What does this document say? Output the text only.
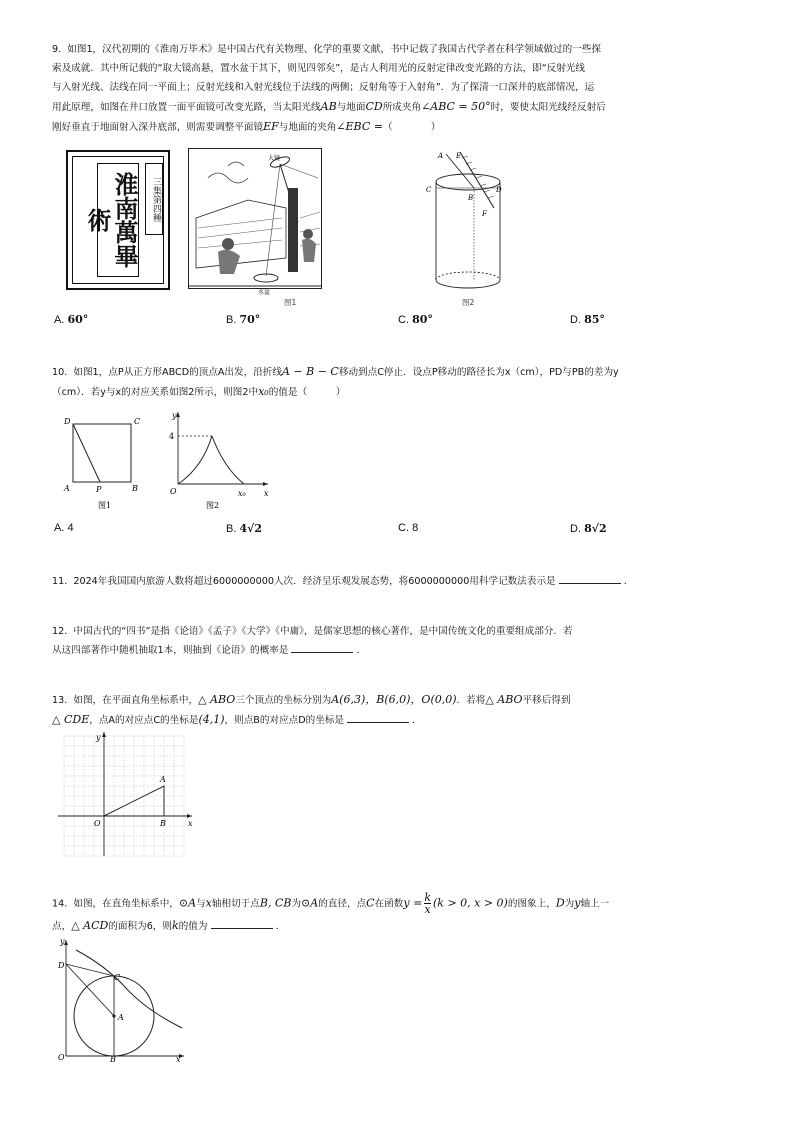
9. 如图1，汉代初期的《淮南万毕术》是中国古代有关物理、化学的重要文献，书中记载了我国古代学者在科学领域做过的一些探

索及成就．其中所记载的“取大镜高悬，置水盆于其下，则见四邻矣”，是古人利用光的反射定律改变光路的方法，即“反射光线

与入射光线、法线在同一平面上；反射光线和入射光线位于法线的两侧；反射角等于入射角”．为了探清一口深井的底部情况，运

用此原理，如图在井口放置一面平面镜可改变光路，当太阳光线AB与地面CD所成夹角∠ABC = 50°时，要使太阳光线经反射后

刚好垂直于地面射入深井底部，则需要调整平面镜EF与地面的夹角∠EBC =（　　　　）

淮南萬畢術	三集第四種
大镜
水盆
图1
A E
C
B
D
F
图2
A. 60°	B. 70°	C. 80°	D. 85°

10. 如图1，点P从正方形ABCD的顶点A出发，沿折线A − B − C移动到点C停止．设点P移动的路径长为x（cm），PD与PB的差为y

（cm）．若y与x的对应关系如图2所示，则图2中x₀的值是（　　　）

D	C
A	P	B
图1
y
4
O	x₀ x
图2
A. 4	B. 4√2	C. 8	D. 8√2

11. 2024年我国国内旅游人数将超过6000000000人次．经济呈乐观发展态势，将6000000000用科学记数法表示是	．

12. 中国古代的“四书”是指《论语》《孟子》《大学》《中庸》，是儒家思想的核心著作，是中国传统文化的重要组成部分．若

从这四部著作中随机抽取1本，则抽到《论语》的概率是	．

13. 如图，在平面直角坐标系中，△ ABO三个顶点的坐标分别为A(6,3)，B(6,0)，O(0,0)．若将△ ABO平移后得到

△ CDE，点A的对应点C的坐标是(4,1)，则点B的对应点D的坐标是	．

y
A
O	B	x

14. 如图，在直角坐标系中，⊙A与x轴相切于点B, CB为⊙A的直径，点C在函数$y = \frac{k}{x} (k > 0$, x > 0)的图象上，D为y轴上一

点，△ ACD的面积为6，则k的值为	．

y
D
C
A
O	B	x
